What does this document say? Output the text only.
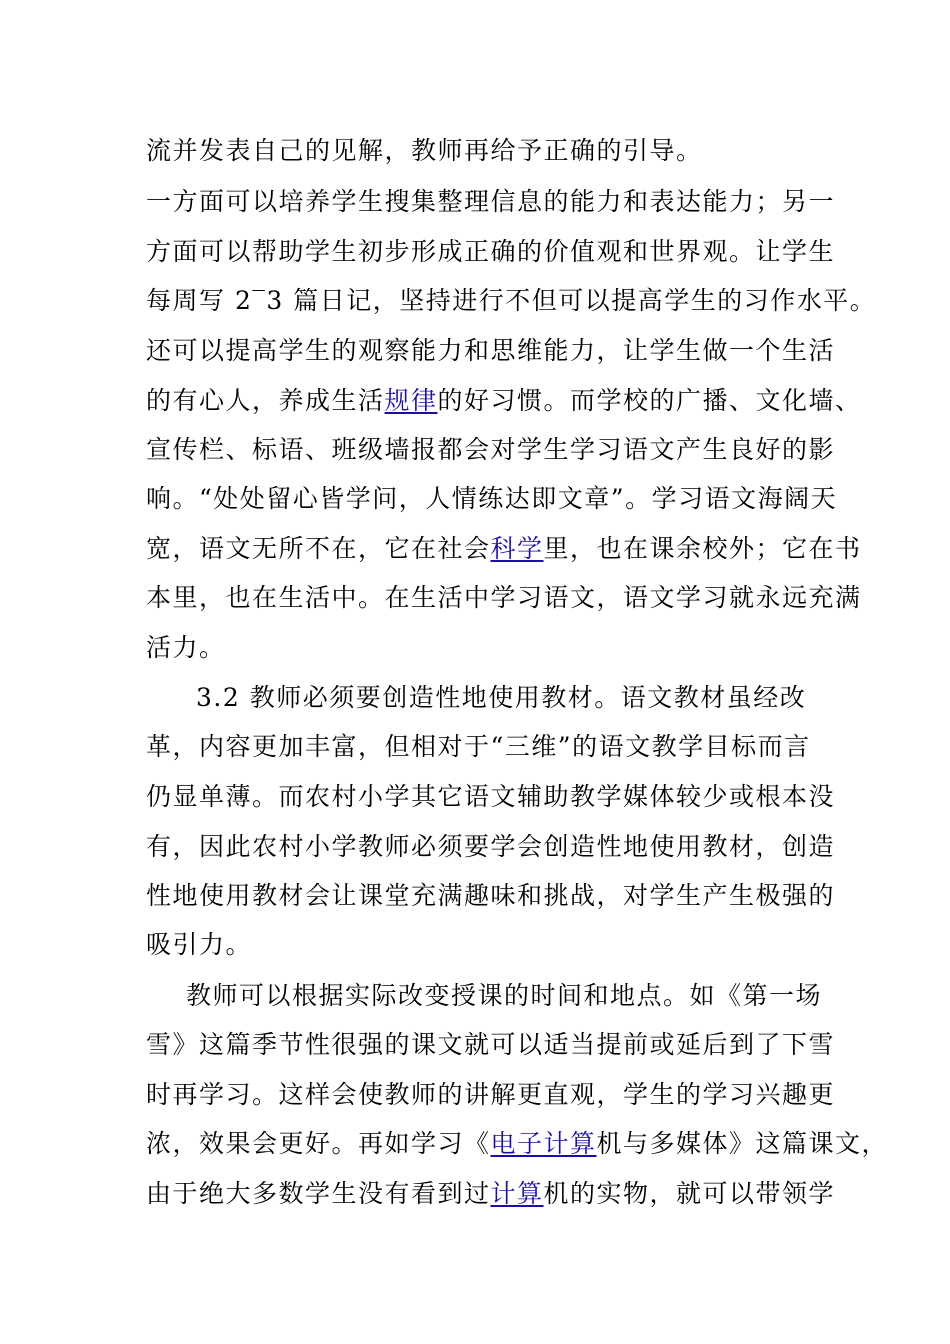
流并发表自己的见解，教师再给予正确的引导。
一方面可以培养学生搜集整理信息的能力和表达能力；另一
方面可以帮助学生初步形成正确的价值观和世界观。让学生
每周写 2‾3 篇日记，坚持进行不但可以提高学生的习作水平。
还可以提高学生的观察能力和思维能力，让学生做一个生活
的有心人，养成生活规律的好习惯。而学校的广播、文化墙、
宣传栏、标语、班级墙报都会对学生学习语文产生良好的影
响。“处处留心皆学问，人情练达即文章”。学习语文海阔天
宽，语文无所不在，它在社会科学里，也在课余校外；它在书
本里，也在生活中。在生活中学习语文，语文学习就永远充满
活力。
3.2 教师必须要创造性地使用教材。语文教材虽经改
革，内容更加丰富，但相对于“三维”的语文教学目标而言
仍显单薄。而农村小学其它语文辅助教学媒体较少或根本没
有，因此农村小学教师必须要学会创造性地使用教材，创造
性地使用教材会让课堂充满趣味和挑战，对学生产生极强的
吸引力。
教师可以根据实际改变授课的时间和地点。如《第一场
雪》这篇季节性很强的课文就可以适当提前或延后到了下雪
时再学习。这样会使教师的讲解更直观，学生的学习兴趣更
浓，效果会更好。再如学习《电子计算机与多媒体》这篇课文，
由于绝大多数学生没有看到过计算机的实物，就可以带领学
